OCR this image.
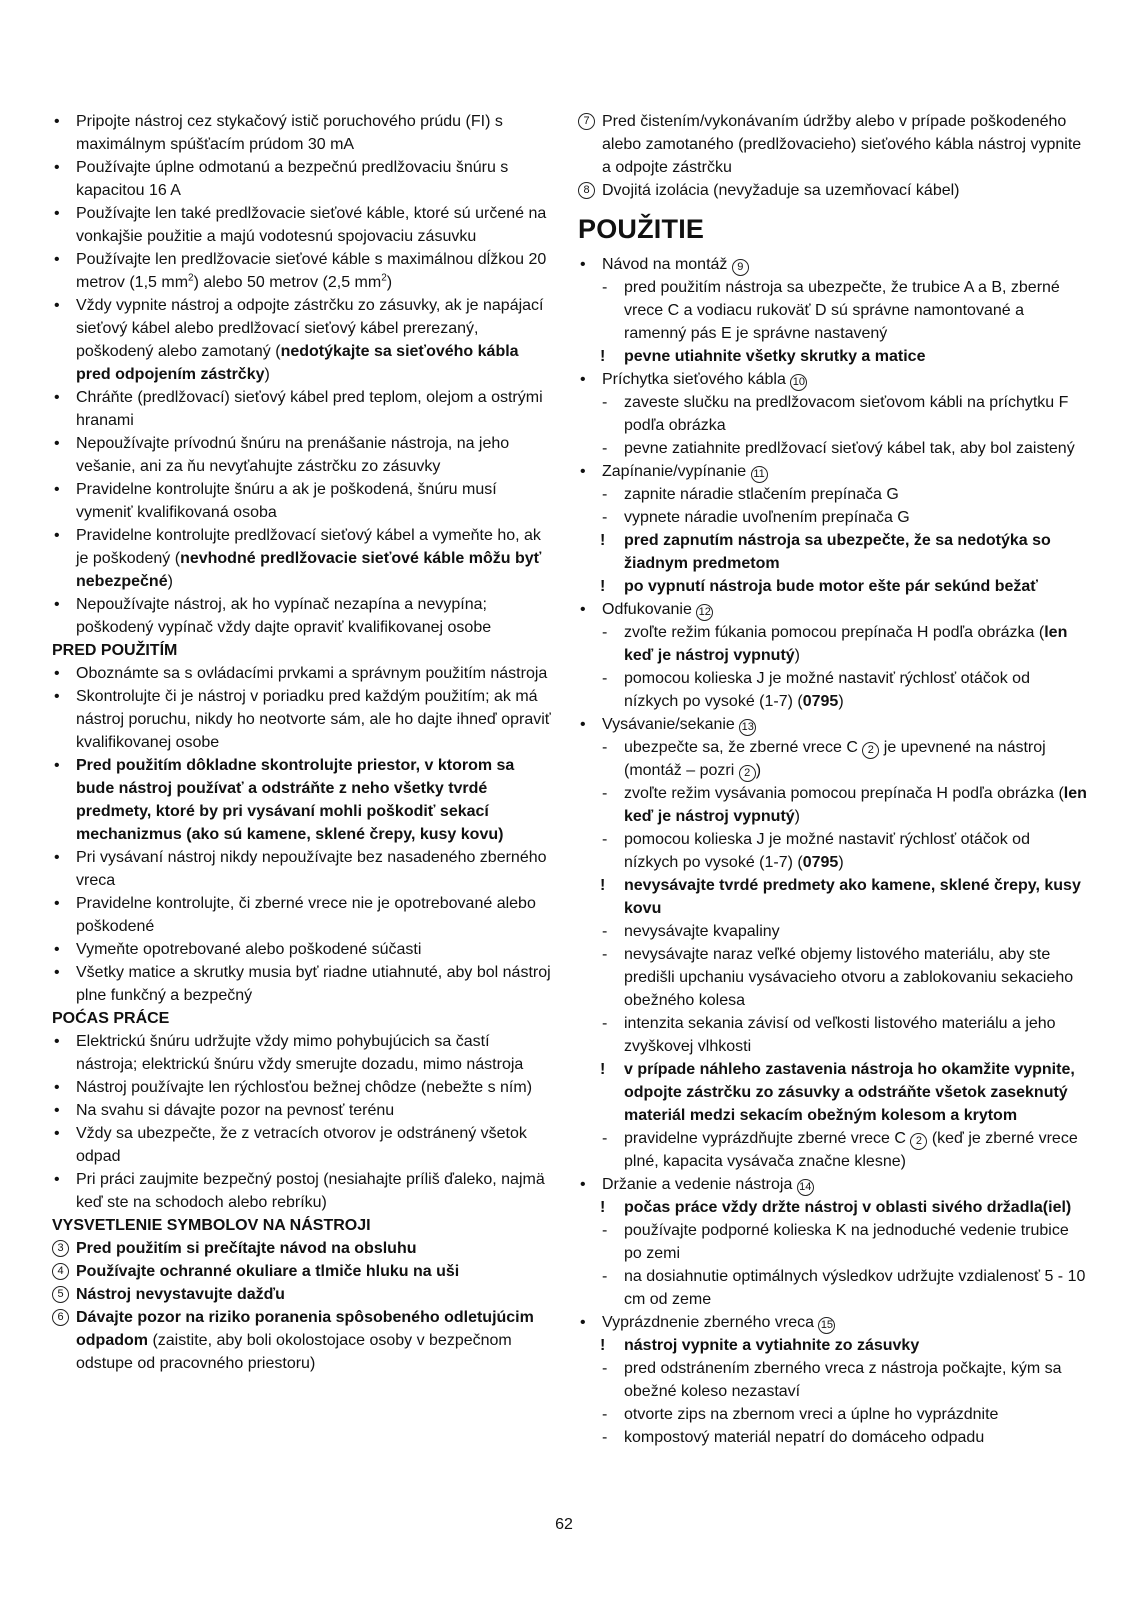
•	Pripojte nástroj cez stykačový istič poruchového prúdu (FI) s maximálnym spúšťacím prúdom 30 mA
•	Používajte úplne odmotanú a bezpečnú predlžovaciu šnúru s kapacitou 16 A
•	Používajte len také predlžovacie sieťové káble, ktoré sú určené na vonkajšie použitie a majú vodotesnú spojovaciu zásuvku
•	Používajte len predlžovacie sieťové káble s maximálnou dĺžkou 20 metrov (1,5 $mm^2$) alebo 50 metrov (2,5 $mm^2$)
•	Vždy vypnite nástroj a odpojte zástrčku zo zásuvky, ak je napájací sieťový kábel alebo predlžovací sieťový kábel prerezaný, poškodený alebo zamotaný (nedotýkajte sa sieťového kábla pred odpojením zástrčky)
•	Chráňte (predlžovací) sieťový kábel pred teplom, olejom a ostrými hranami
•	Nepoužívajte prívodnú šnúru na prenášanie nástroja, na jeho vešanie, ani za ňu nevyťahujte zástrčku zo zásuvky
•	Pravidelne kontrolujte šnúru a ak je poškodená, šnúru musí vymeniť kvalifikovaná osoba
•	Pravidelne kontrolujte predlžovací sieťový kábel a vymeňte ho, ak je poškodený (nevhodné predlžovacie sieťové káble môžu byť nebezpečné)
•	Nepoužívajte nástroj, ak ho vypínač nezapína a nevypína; poškodený vypínač vždy dajte opraviť kvalifikovanej osobe
PRED POUŽITÍM
•	Oboznámte sa s ovládacími prvkami a správnym použitím nástroja
•	Skontrolujte či je nástroj v poriadku pred každým použitím; ak má nástroj poruchu, nikdy ho neotvorte sám, ale ho dajte ihneď opraviť kvalifikovanej osobe
•	Pred použitím dôkladne skontrolujte priestor, v ktorom sa bude nástroj používať a odstráňte z neho všetky tvrdé predmety, ktoré by pri vysávaní mohli poškodiť sekací mechanizmus (ako sú kamene, sklené črepy, kusy kovu)
•	Pri vysávaní nástroj nikdy nepoužívajte bez nasadeného zberného vreca
•	Pravidelne kontrolujte, či zberné vrece nie je opotrebované alebo poškodené
•	Vymeňte opotrebované alebo poškodené súčasti
•	Všetky matice a skrutky musia byť riadne utiahnuté, aby bol nástroj plne funkčný a bezpečný
POĆAS PRÁCE
•	Elektrickú šnúru udržujte vždy mimo pohybujúcich sa častí nástroja; elektrickú šnúru vždy smerujte dozadu, mimo nástroja
•	Nástroj používajte len rýchlosťou bežnej chôdze (nebežte s ním)
•	Na svahu si dávajte pozor na pevnosť terénu
•	Vždy sa ubezpečte, že z vetracích otvorov je odstránený všetok odpad
•	Pri práci zaujmite bezpečný postoj (nesiahajte príliš ďaleko, najmä keď ste na schodoch alebo rebríku)
VYSVETLENIE SYMBOLOV NA NÁSTROJI
3 Pred použitím si prečítajte návod na obsluhu
4 Používajte ochranné okuliare a tlmiče hluku na uši
5 Nástroj nevystavujte dažďu
6 Dávajte pozor na riziko poranenia spôsobeného odletujúcim odpadom (zaistite, aby boli okolostojace osoby v bezpečnom odstupe od pracovného priestoru)
7 Pred čistením/vykonávaním údržby alebo v prípade poškodeného alebo zamotaného (predlžovacieho) sieťového kábla nástroj vypnite a odpojte zástrčku
8 Dvojitá izolácia (nevyžaduje sa uzemňovací kábel)
POUŽITIE
•	Návod na montáž 9
- pred použitím nástroja sa ubezpečte, že trubice A a B, zberné vrece C a vodiacu rukoväť D sú správne namontované a ramenný pás E je správne nastavený
! pevne utiahnite všetky skrutky a matice
•	Príchytka sieťového kábla 10
- zaveste slučku na predlžovacom sieťovom kábli na príchytku F podľa obrázka
- pevne zatiahnite predlžovací sieťový kábel tak, aby bol zaistený
•	Zapínanie/vypínanie 11
- zapnite náradie stlačením prepínača G
- vypnete náradie uvoľnením prepínača G
! pred zapnutím nástroja sa ubezpečte, že sa nedotýka so žiadnym predmetom
! po vypnutí nástroja bude motor ešte pár sekúnd bežať
•	Odfukovanie 12
- zvoľte režim fúkania pomocou prepínača H podľa obrázka (len keď je nástroj vypnutý)
- pomocou kolieska J je možné nastaviť rýchlosť otáčok od nízkych po vysoké (1-7) (0795)
•	Vysávanie/sekanie 13
- ubezpečte sa, že zberné vrece C 2 je upevnené na nástroj (montáž – pozri 2 )
- zvoľte režim vysávania pomocou prepínača H podľa obrázka (len keď je nástroj vypnutý)
- pomocou kolieska J je možné nastaviť rýchlosť otáčok od nízkych po vysoké (1-7) (0795)
! nevysávajte tvrdé predmety ako kamene, sklené črepy, kusy kovu
- nevysávajte kvapaliny
- nevysávajte naraz veľké objemy listového materiálu, aby ste predišli upchaniu vysávacieho otvoru a zablokovaniu sekacieho obežného kolesa
- intenzita sekania závisí od veľkosti listového materiálu a jeho zvyškovej vlhkosti
! v prípade náhleho zastavenia nástroja ho okamžite vypnite, odpojte zástrčku zo zásuvky a odstráňte všetok zaseknutý materiál medzi sekacím obežným kolesom a krytom
- pravidelne vyprázdňujte zberné vrece C 2 (keď je zberné vrece plné, kapacita vysávača značne klesne)
•	Držanie a vedenie nástroja 14
! počas práce vždy držte nástroj v oblasti sivého držadla(iel)
- používajte podporné kolieska K na jednoduché vedenie trubice po zemi
- na dosiahnutie optimálnych výsledkov udržujte vzdialenosť 5 - 10 cm od zeme
•	Vyprázdnenie zberného vreca 15
! nástroj vypnite a vytiahnite zo zásuvky
- pred odstránením zberného vreca z nástroja počkajte, kým sa obežné koleso nezastaví
- otvorte zips na zbernom vreci a úplne ho vyprázdnite
- kompostový materiál nepatrí do domáceho odpadu
62
